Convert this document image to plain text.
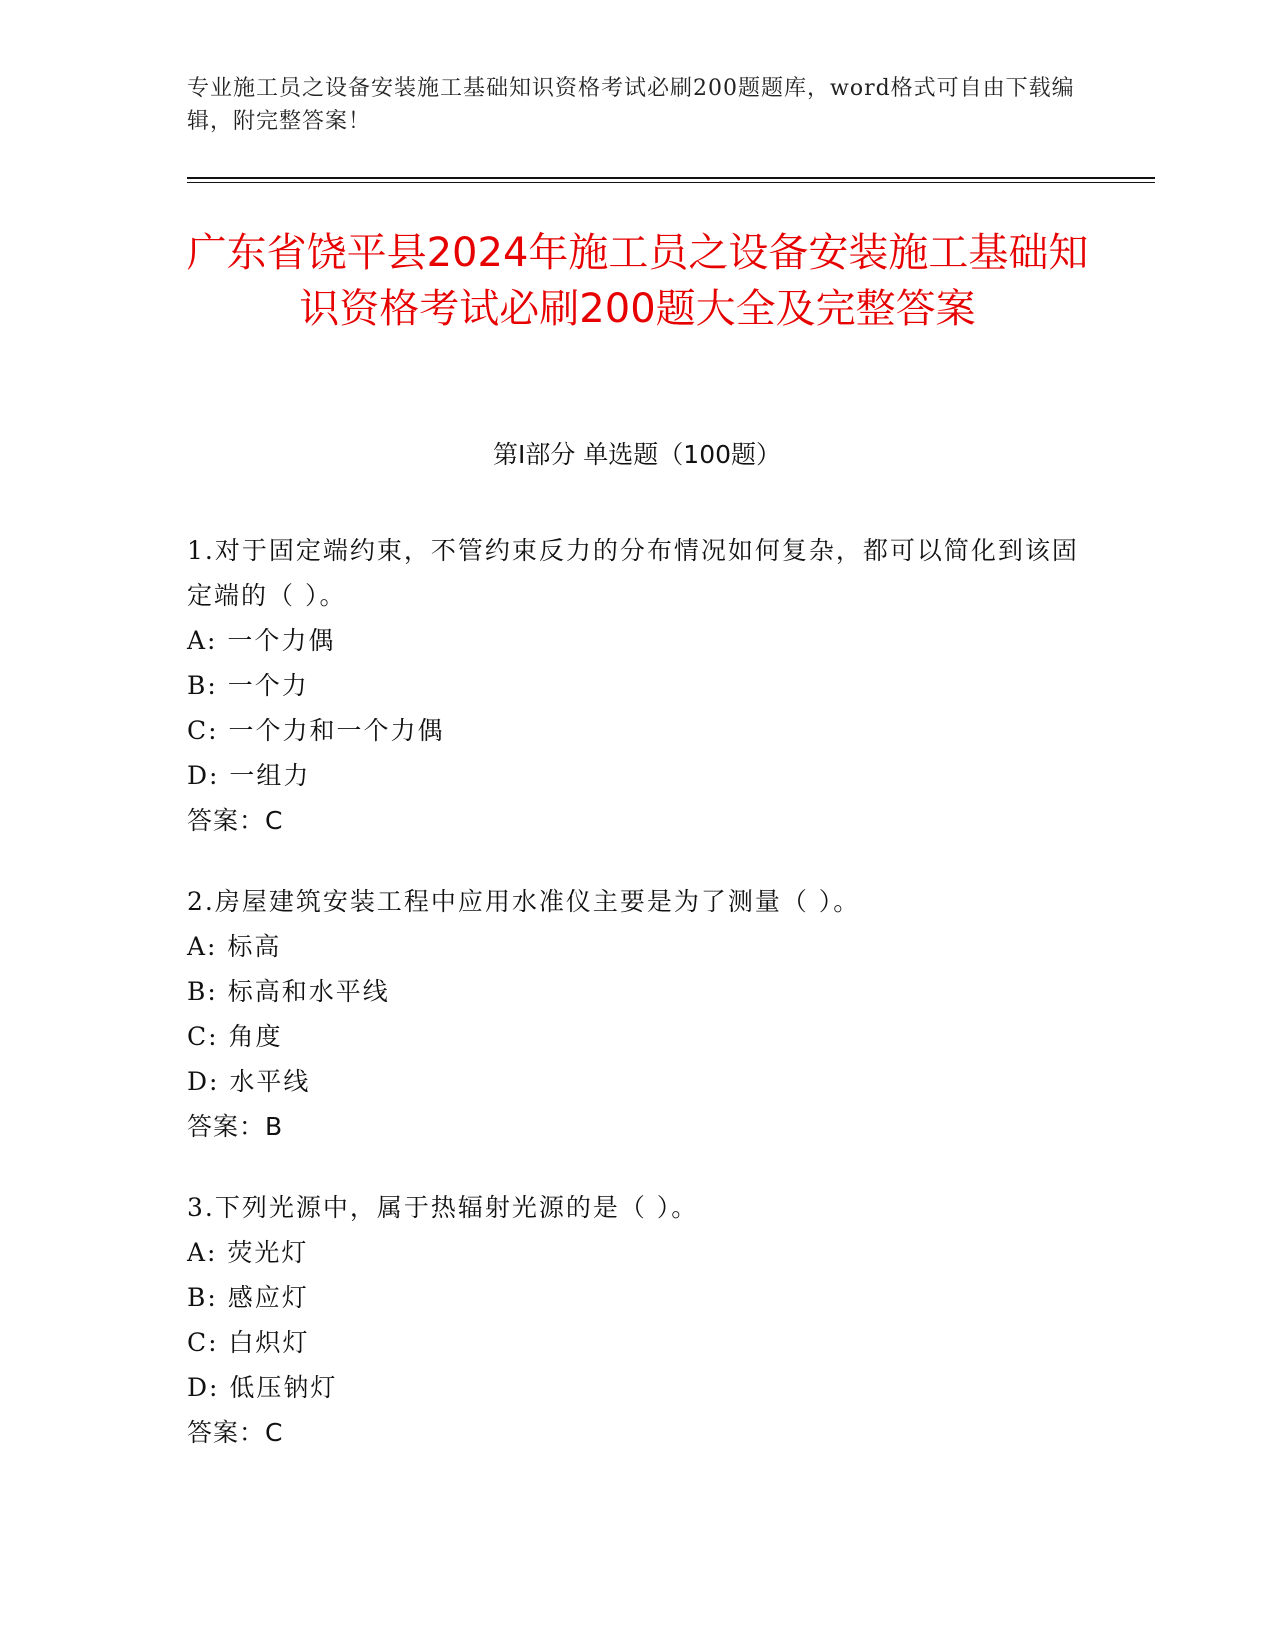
专业施工员之设备安装施工基础知识资格考试必刷200题题库，word格式可自由下载编辑，附完整答案！
广东省饶平县2024年施工员之设备安装施工基础知识资格考试必刷200题大全及完整答案
第Ⅰ部分 单选题（100题）
1.对于固定端约束，不管约束反力的分布情况如何复杂，都可以简化到该固定端的（ ）。
A: 一个力偶
B: 一个力
C: 一个力和一个力偶
D: 一组力
答案：C
2.房屋建筑安装工程中应用水准仪主要是为了测量（ ）。
A: 标高
B: 标高和水平线
C: 角度
D: 水平线
答案：B
3.下列光源中，属于热辐射光源的是（ ）。
A: 荧光灯
B: 感应灯
C: 白炽灯
D: 低压钠灯
答案：C
